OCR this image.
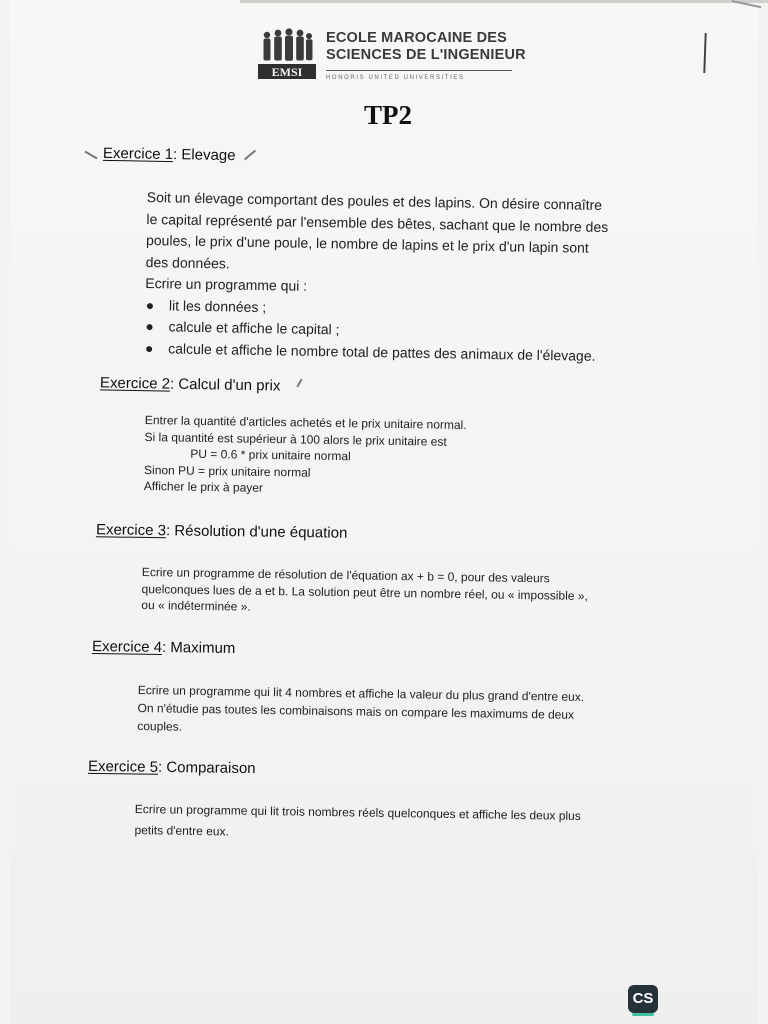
EMSI
ECOLE MAROCAINE DES
SCIENCES DE L'INGENIEUR
HONORIS UNITED UNIVERSITIES
TP2
Exercice 1: Elevage
Soit un élevage comportant des poules et des lapins. On désire connaître
le capital représenté par l'ensemble des bêtes, sachant que le nombre des
poules, le prix d'une poule, le nombre de lapins et le prix d'un lapin sont
des données.
Ecrire un programme qui :
lit les données ;
calcule et affiche le capital ;
calcule et affiche le nombre total de pattes des animaux de l'élevage.
Exercice 2: Calcul d'un prix
Entrer la quantité d'articles achetés et le prix unitaire normal.
Si la quantité est supérieur à 100 alors le prix unitaire est
PU = 0.6 * prix unitaire normal
Sinon PU = prix unitaire normal
Afficher le prix à payer
Exercice 3: Résolution d'une équation
Ecrire un programme de résolution de l'équation ax + b = 0, pour des valeurs
quelconques lues de a et b. La solution peut être un nombre réel, ou « impossible »,
ou « indéterminée ».
Exercice 4: Maximum
Ecrire un programme qui lit 4 nombres et affiche la valeur du plus grand d'entre eux.
On n'étudie pas toutes les combinaisons mais on compare les maximums de deux
couples.
Exercice 5: Comparaison
Ecrire un programme qui lit trois nombres réels quelconques et affiche les deux plus
petits d'entre eux.
CS
